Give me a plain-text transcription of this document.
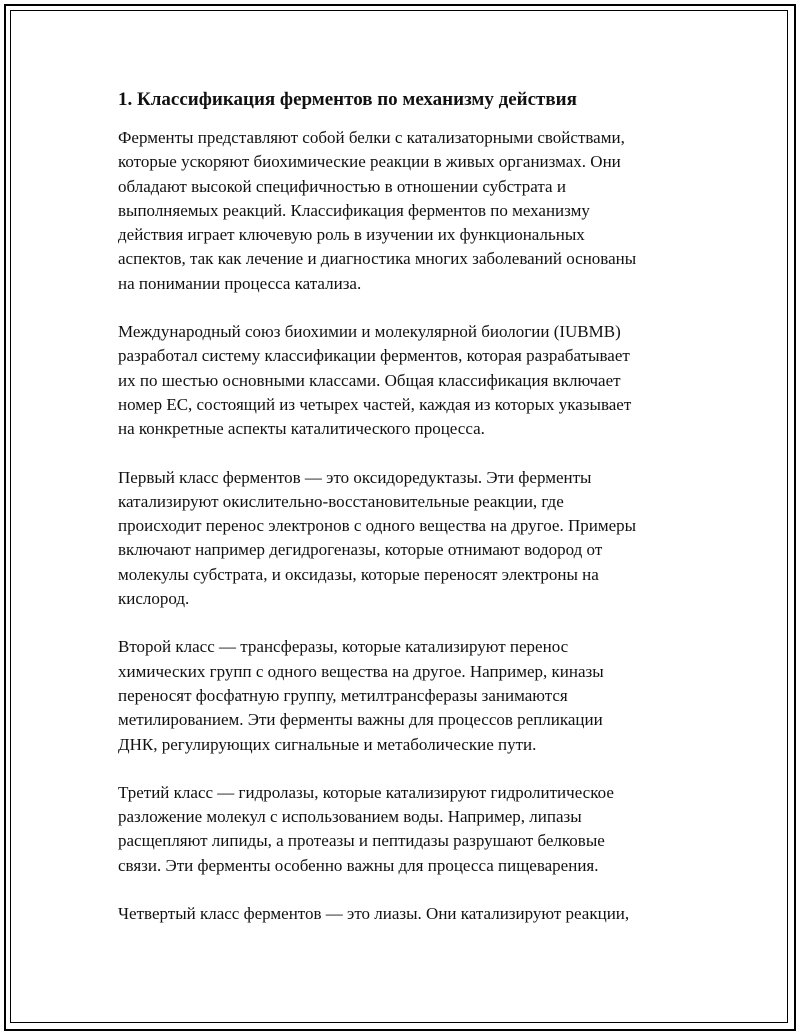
1. Классификация ферментов по механизму действия
Ферменты представляют собой белки с катализаторными свойствами,
которые ускоряют биохимические реакции в живых организмах. Они
обладают высокой специфичностью в отношении субстрата и
выполняемых реакций. Классификация ферментов по механизму
действия играет ключевую роль в изучении их функциональных
аспектов, так как лечение и диагностика многих заболеваний основаны
на понимании процесса катализа.
Международный союз биохимии и молекулярной биологии (IUBMB)
разработал систему классификации ферментов, которая разрабатывает
их по шестью основными классами. Общая классификация включает
номер EC, состоящий из четырех частей, каждая из которых указывает
на конкретные аспекты каталитического процесса.
Первый класс ферментов — это оксидоредуктазы. Эти ферменты
катализируют окислительно-восстановительные реакции, где
происходит перенос электронов с одного вещества на другое. Примеры
включают например дегидрогеназы, которые отнимают водород от
молекулы субстрата, и оксидазы, которые переносят электроны на
кислород.
Второй класс — трансферазы, которые катализируют перенос
химических групп с одного вещества на другое. Например, киназы
переносят фосфатную группу, метилтрансферазы занимаются
метилированием. Эти ферменты важны для процессов репликации
ДНК, регулирующих сигнальные и метаболические пути.
Третий класс — гидролазы, которые катализируют гидролитическое
разложение молекул с использованием воды. Например, липазы
расщепляют липиды, а протеазы и пептидазы разрушают белковые
связи. Эти ферменты особенно важны для процесса пищеварения.
Четвертый класс ферментов — это лиазы. Они катализируют реакции,
